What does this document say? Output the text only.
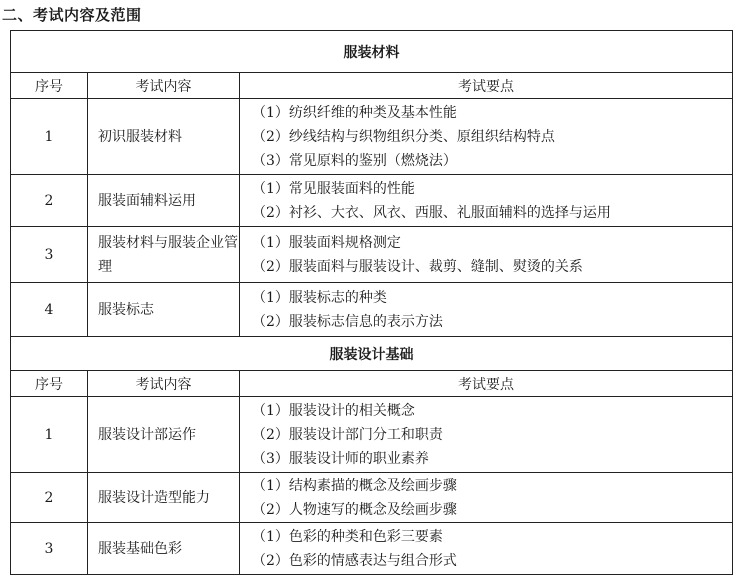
二、考试内容及范围
服装材料		
序号	考试内容	考试要点
1	初识服装材料	（1）纺织纤维的种类及基本性能
（2）纱线结构与织物组织分类、原组织结构特点
（3）常见原料的鉴别（燃烧法）

2	服装面辅料运用	（1）常见服装面料的性能
（2）衬衫、大衣、风衣、西服、礼服面辅料的选择与运用

3	服装材料与服装企业管理	（1）服装面料规格测定
（2）服装面料与服装设计、裁剪、缝制、熨烫的关系

4	服装标志	（1）服装标志的种类
（2）服装标志信息的表示方法

服装设计基础		
序号	考试内容	考试要点
1	服装设计部运作	（1）服装设计的相关概念
（2）服装设计部门分工和职责
（3）服装设计师的职业素养

2	服装设计造型能力	（1）结构素描的概念及绘画步骤
（2）人物速写的概念及绘画步骤

3	服装基础色彩	（1）色彩的种类和色彩三要素
（2）色彩的情感表达与组合形式
